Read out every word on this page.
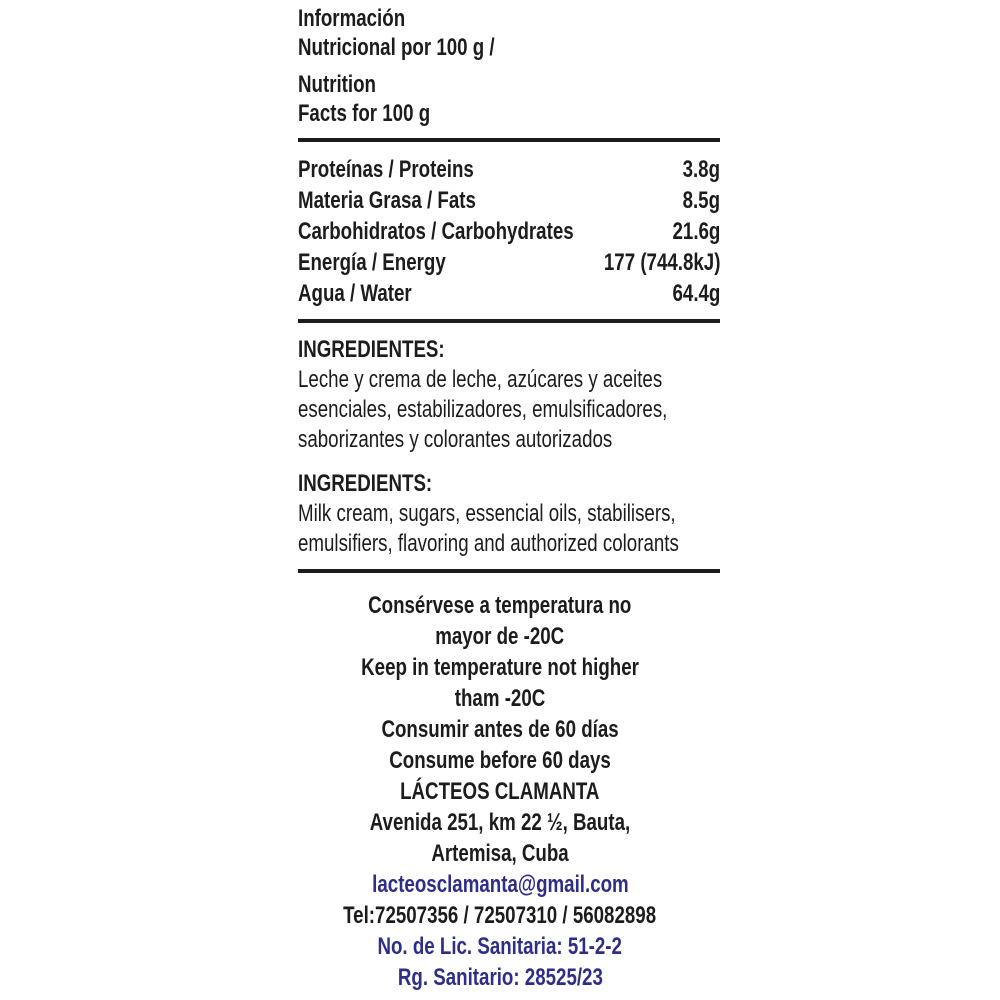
Información
Nutricional por 100 g /
Nutrition
Facts for 100 g
Proteínas / Proteins	3.8g
Materia Grasa / Fats	8.5g
Carbohidratos / Carbohydrates	21.6g
Energía / Energy	177 (744.8kJ)
Agua / Water	64.4g
INGREDIENTES:
Leche y crema de leche, azúcares y aceites
esenciales, estabilizadores, emulsificadores,
saborizantes y colorantes autorizados
INGREDIENTS:
Milk cream, sugars, essencial oils, stabilisers,
emulsifiers, flavoring and authorized colorants
Consérvese a temperatura no
mayor de -20C
Keep in temperature not higher
tham -20C
Consumir antes de 60 días
Consume before 60 days
LÁCTEOS CLAMANTA
Avenida 251, km 22 ½, Bauta,
Artemisa, Cuba
lacteosclamanta@gmail.com
Tel:72507356 / 72507310 / 56082898
No. de Lic. Sanitaria: 51-2-2
Rg. Sanitario: 28525/23
